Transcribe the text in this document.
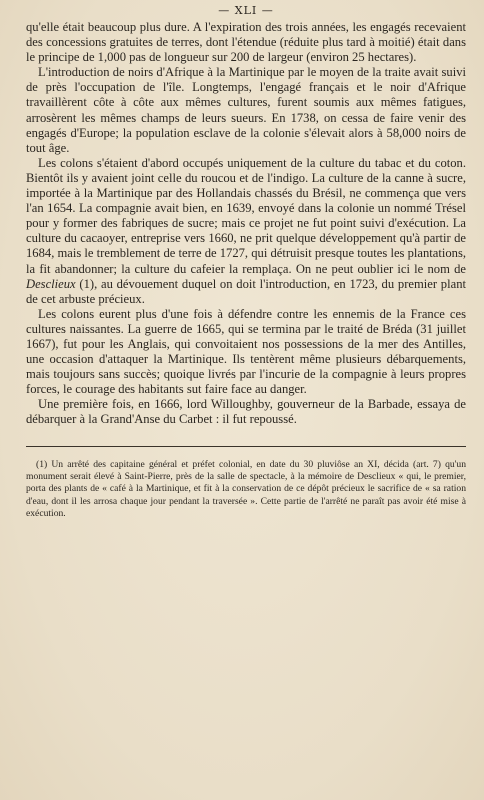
— XLI —

qu'elle était beaucoup plus dure. A l'expiration des trois années, les engagés recevaient des concessions gratuites de terres, dont l'étendue (réduite plus tard à moitié) était dans le principe de 1,000 pas de longueur sur 200 de largeur (environ 25 hectares).

L'introduction de noirs d'Afrique à la Martinique par le moyen de la traite avait suivi de près l'occupation de l'île. Longtemps, l'engagé français et le noir d'Afrique travaillèrent côte à côte aux mêmes cultures, furent soumis aux mêmes fatigues, arrosèrent les mêmes champs de leurs sueurs. En 1738, on cessa de faire venir des engagés d'Europe; la population esclave de la colonie s'élevait alors à 58,000 noirs de tout âge.

Les colons s'étaient d'abord occupés uniquement de la culture du tabac et du coton. Bientôt ils y avaient joint celle du roucou et de l'indigo. La culture de la canne à sucre, importée à la Martinique par des Hollandais chassés du Brésil, ne commença que vers l'an 1654. La compagnie avait bien, en 1639, envoyé dans la colonie un nommé Trésel pour y former des fabriques de sucre; mais ce projet ne fut point suivi d'exécution. La culture du cacaoyer, entreprise vers 1660, ne prit quelque développement qu'à partir de 1684, mais le tremblement de terre de 1727, qui détruisit presque toutes les plantations, la fit abandonner; la culture du cafeier la remplaça. On ne peut oublier ici le nom de Desclieux (1), au dévouement duquel on doit l'introduction, en 1723, du premier plant de cet arbuste précieux.

Les colons eurent plus d'une fois à défendre contre les ennemis de la France ces cultures naissantes. La guerre de 1665, qui se termina par le traité de Bréda (31 juillet 1667), fut pour les Anglais, qui convoitaient nos possessions de la mer des Antilles, une occasion d'attaquer la Martinique. Ils tentèrent même plusieurs débarquements, mais toujours sans succès; quoique livrés par l'incurie de la compagnie à leurs propres forces, le courage des habitants sut faire face au danger.

Une première fois, en 1666, lord Willoughby, gouverneur de la Barbade, essaya de débarquer à la Grand'Anse du Carbet : il fut repoussé.

(1) Un arrêté des capitaine général et préfet colonial, en date du 30 pluviôse an XI, décida (art. 7) qu'un monument serait élevé à Saint-Pierre, près de la salle de spectacle, à la mémoire de Desclieux « qui, le premier, porta des plants de « café à la Martinique, et fit à la conservation de ce dépôt précieux le sacrifice de « sa ration d'eau, dont il les arrosa chaque jour pendant la traversée ». Cette partie de l'arrêté ne paraît pas avoir été mise à exécution.
